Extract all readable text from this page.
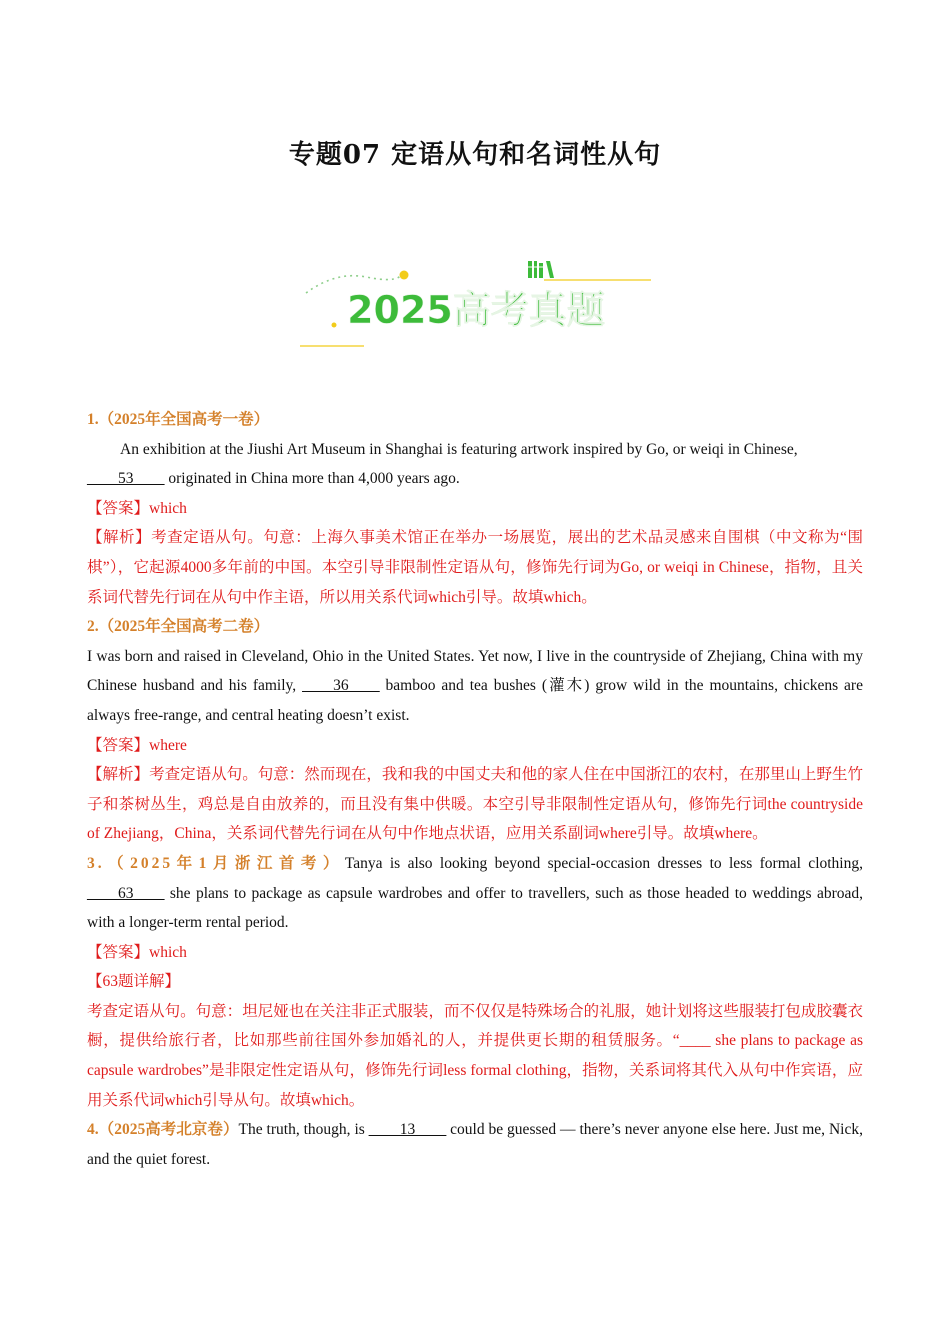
专题07 定语从句和名词性从句
2025高考真题

1.（2025年全国高考一卷）

An exhibition at the Jiushi Art Museum in Shanghai is featuring artwork inspired by Go, or weiqi in Chinese,
____53____ originated in China more than 4,000 years ago.

【答案】which

【解析】考查定语从句。句意：上海久事美术馆正在举办一场展览，展出的艺术品灵感来自围棋（中文称为“围棋”），它起源4000多年前的中国。本空引导非限制性定语从句，修饰先行词为Go, or weiqi in Chinese，指物，且关系词代替先行词在从句中作主语，所以用关系代词which引导。故填which。

2.（2025年全国高考二卷）

I was born and raised in Cleveland, Ohio in the United States. Yet now, I live in the countryside of Zhejiang, China with my Chinese husband and his family, ____36____ bamboo and tea bushes (灌木) grow wild in the mountains, chickens are always free-range, and central heating doesn’t exist.

【答案】where

【解析】考查定语从句。句意：然而现在，我和我的中国丈夫和他的家人住在中国浙江的农村，在那里山上野生竹子和茶树丛生，鸡总是自由放养的，而且没有集中供暖。本空引导非限制性定语从句，修饰先行词the countryside of Zhejiang，China，关系词代替先行词在从句中作地点状语，应用关系副词where引导。故填where。

3.（2025年1月浙江首考）Tanya is also looking beyond special-occasion dresses to less formal clothing, ____63____ she plans to package as capsule wardrobes and offer to travellers, such as those headed to weddings abroad, with a longer-term rental period.

【答案】which

【63题详解】

考查定语从句。句意：坦尼娅也在关注非正式服装，而不仅仅是特殊场合的礼服，她计划将这些服装打包成胶囊衣橱，提供给旅行者，比如那些前往国外参加婚礼的人，并提供更长期的租赁服务。“____ she plans to package as capsule wardrobes”是非限定性定语从句，修饰先行词less formal clothing，指物，关系词将其代入从句中作宾语，应用关系代词which引导从句。故填which。

4.（2025高考北京卷）The truth, though, is ____13____ could be guessed — there’s never anyone else here. Just me, Nick, and the quiet forest.
